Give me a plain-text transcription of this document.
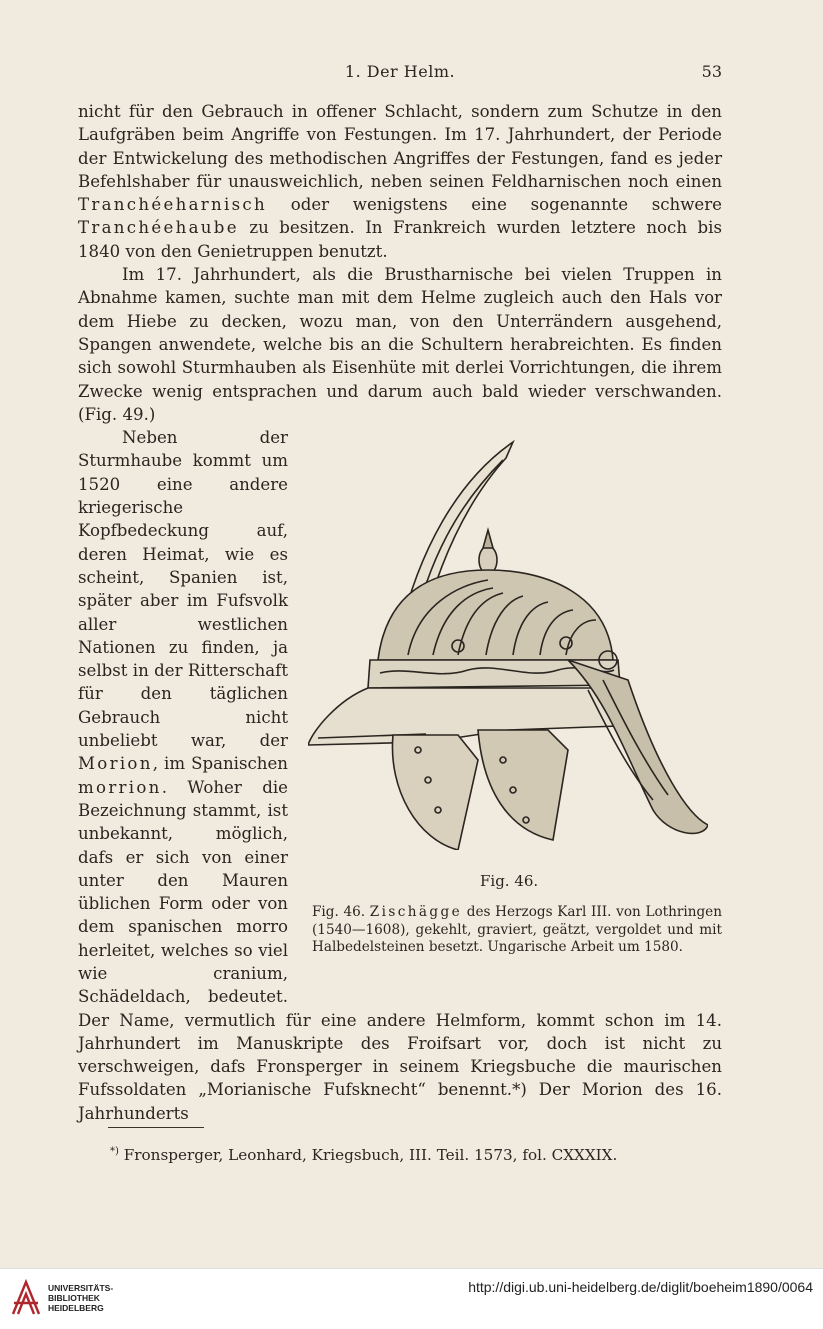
1. Der Helm.	53

nicht für den Gebrauch in offener Schlacht, sondern zum Schutze in den Laufgräben beim Angriffe von Festungen. Im 17. Jahrhundert, der Periode der Entwickelung des methodischen Angriffes der Festungen, fand es jeder Befehlshaber für unausweichlich, neben seinen Feldharnischen noch einen Tranchéeharnisch oder wenigstens eine sogenannte schwere Tranchéehaube zu besitzen. In Frankreich wurden letztere noch bis 1840 von den Genietruppen benutzt.

Im 17. Jahrhundert, als die Brustharnische bei vielen Truppen in Abnahme kamen, suchte man mit dem Helme zugleich auch den Hals vor dem Hiebe zu decken, wozu man, von den Unterrändern ausgehend, Spangen anwendete, welche bis an die Schultern herabreichten. Es finden sich sowohl Sturmhauben als Eisenhüte mit derlei Vorrichtungen, die ihrem Zwecke wenig entsprachen und darum auch bald wieder verschwanden. (Fig. 49.)

Fig. 46.
Fig. 46. Zischägge des Herzogs Karl III. von Lothringen (1540—1608), gekehlt, graviert, geätzt, vergoldet und mit Halbedelsteinen besetzt. Ungarische Arbeit um 1580.

Neben der Sturmhaube kommt um 1520 eine andere kriegerische Kopfbedeckung auf, deren Heimat, wie es scheint, Spanien ist, später aber im Fufsvolk aller westlichen Nationen zu finden, ja selbst in der Ritterschaft für den täglichen Gebrauch nicht unbeliebt war, der Morion, im Spanischen morrion. Woher die Bezeichnung stammt, ist unbekannt, möglich, dafs er sich von einer unter den Mauren üblichen Form oder von dem spanischen morro herleitet, welches so viel wie cranium, Schädeldach, bedeutet. Der Name, vermutlich für eine andere Helmform, kommt schon im 14. Jahrhundert im Manuskripte des Froifsart vor, doch ist nicht zu verschweigen, dafs Fronsperger in seinem Kriegsbuche die maurischen Fufssoldaten „Morianische Fufsknecht“ benennt.*) Der Morion des 16. Jahrhunderts

*) Fronsperger, Leonhard, Kriegsbuch, III. Teil. 1573, fol. CXXXIX.
UNIVERSITÄTS-
BIBLIOTHEK
HEIDELBERG
http://digi.ub.uni-heidelberg.de/diglit/boeheim1890/0064
